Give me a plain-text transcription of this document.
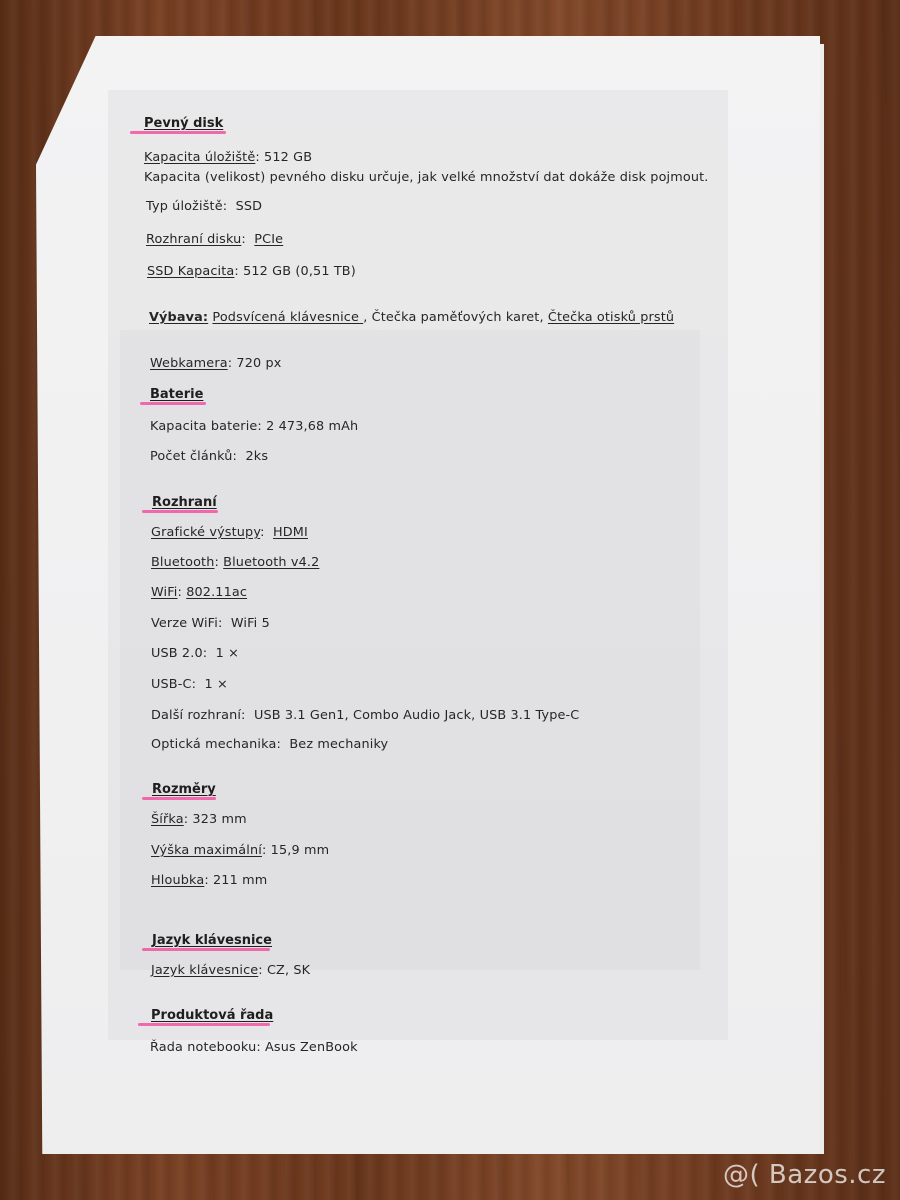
Pevný disk
Kapacita úložiště: 512 GB
Kapacita (velikost) pevného disku určuje, jak velké množství dat dokáže disk pojmout.
Typ úložiště: SSD
Rozhraní disku: PCIe
SSD Kapacita: 512 GB (0,51 TB)
Výbava: Podsvícená klávesnice , Čtečka paměťových karet, Čtečka otisků prstů
Webkamera: 720 px
Baterie
Kapacita baterie: 2 473,68 mAh
Počet článků: 2ks
Rozhraní
Grafické výstupy: HDMI
Bluetooth: Bluetooth v4.2
WiFi: 802.11ac
Verze WiFi: WiFi 5
USB 2.0: 1 ×
USB-C: 1 ×
Další rozhraní: USB 3.1 Gen1, Combo Audio Jack, USB 3.1 Type-C
Optická mechanika: Bez mechaniky
Rozměry
Šířka: 323 mm
Výška maximální: 15,9 mm
Hloubka: 211 mm
Jazyk klávesnice
Jazyk klávesnice: CZ, SK
Produktová řada
Řada notebooku: Asus ZenBook
@( Bazos.cz
